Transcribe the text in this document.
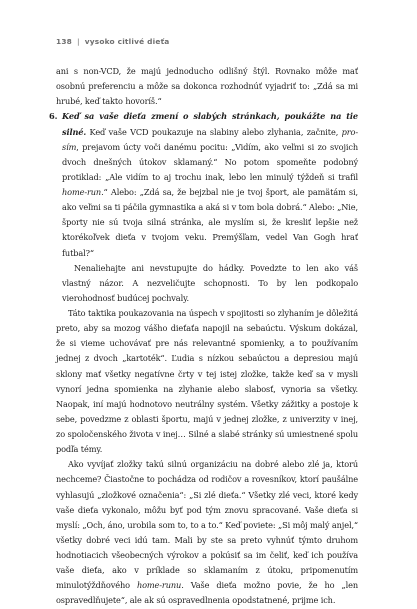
138 | vysoko citlivé dieťa

ani s non-VCD, že majú jednoducho odlišný štýl. Rovnako môže mať osobnú preferenciu a môže sa dokonca rozhodnúť vyjadriť to: „Zdá sa mi hrubé, keď takto hovoríš.“

6. Keď sa vaše dieťa zmení o slabých stránkach, poukážte na tie silné. Keď vaše VCD poukazuje na slabiny alebo zlyhania, začnite, pro-sím, prejavom úcty voči danému pocitu: „Vidím, ako veľmi si zo svojich dvoch dnešných útokov sklamaný.“ No potom spomeňte podobný protiklad: „Ale vidím to aj trochu inak, lebo len minulý týždeň si trafil home-run.“ Alebo: „Zdá sa, že bejzbal nie je tvoj šport, ale pamätám si, ako veľmi sa ti páčila gymnastika a aká si v tom bola dobrá.“ Alebo: „Nie, športy nie sú tvoja silná stránka, ale myslím si, že kresliť lepšie než ktorékoľvek dieťa v tvojom veku. Premýšľam, vedel Van Gogh hrať futbal?“

Nenaliehajte ani nevstupujte do hádky. Povedzte to len ako váš vlastný názor. A nezveličujte schopnosti. To by len podkopalo vierohodnosť budúcej pochvaly.

Táto taktika poukazovania na úspech v spojitosti so zlyhaním je dôležitá preto, aby sa mozog vášho dieťaťa napojil na sebaúctu. Výskum dokázal, že si vieme uchovávať pre nás relevantné spomienky, a to používaním jednej z dvoch „kartoték“. Ľudia s nízkou sebaúctou a depresiou majú sklony mať všetky negatívne črty v tej istej zložke, takže keď sa v mysli vynorí jedna spomienka na zlyhanie alebo slabosť, vynoria sa všetky. Naopak, iní majú hodnotovo neutrálny systém. Všetky zážitky a postoje k sebe, povedzme z oblasti športu, majú v jednej zložke, z univerzity v inej, zo spoločenského života v inej… Silné a slabé stránky sú umiestnené spolu podľa témy.

Ako vyvíjať zložky takú silnú organizáciu na dobré alebo zlé ja, ktorú nechceme? Čiastočne to pochádza od rodičov a rovesníkov, ktorí paušálne vyhlasujú „zložkové označenia“: „Si zlé dieťa.“ Všetky zlé veci, ktoré kedy vaše dieťa vykonalo, môžu byť pod tým znovu spracované. Vaše dieťa si myslí: „Och, áno, urobila som to, to a to.“ Keď poviete: „Si môj malý anjel,“ všetky dobré veci idú tam. Mali by ste sa preto vyhnúť týmto druhom hodnotiacich všeobecných výrokov a pokúsiť sa im čeliť, keď ich používa vaše dieťa, ako v príklade so sklamaním z útoku, pripomenutím minulotýždňového home-runu. Vaše dieťa možno povie, že ho „len ospravedlňujete“, ale ak sú ospravedlnenia opodstatnené, prijme ich.
